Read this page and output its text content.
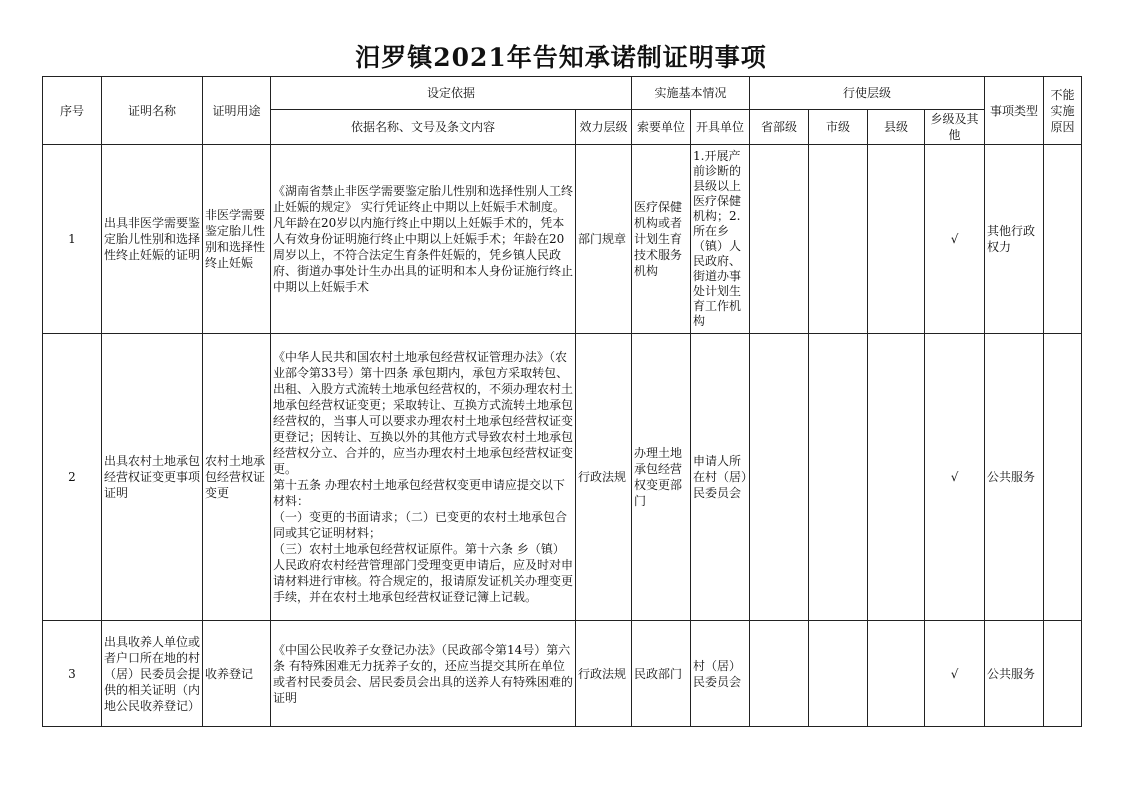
汨罗镇2021年告知承诺制证明事项
序号	证明名称	证明用途	设定依据		实施基本情况		行使层级				事项类型	不能实施原因
			依据名称、文号及条文内容	效力层级	索要单位	开具单位	省部级	市级	县级	乡级及其他		
1	出具非医学需要鉴定胎儿性别和选择性终止妊娠的证明	非医学需要鉴定胎儿性别和选择性终止妊娠	《湖南省禁止非医学需要鉴定胎儿性别和选择性别人工终止妊娠的规定》 实行凭证终止中期以上妊娠手术制度。凡年龄在20岁以内施行终止中期以上妊娠手术的，凭本人有效身份证明施行终止中期以上妊娠手术；年龄在20周岁以上，不符合法定生育条件妊娠的，凭乡镇人民政府、街道办事处计生办出具的证明和本人身份证施行终止中期以上妊娠手术	部门规章	医疗保健机构或者计划生育技术服务机构	1.开展产前诊断的县级以上医疗保健机构；2.所在乡（镇）人民政府、街道办事处计划生育工作机构				√	其他行政权力	
2	出具农村土地承包经营权证变更事项证明	农村土地承包经营权证变更	《中华人民共和国农村土地承包经营权证管理办法》（农业部令第33号）第十四条 承包期内，承包方采取转包、出租、入股方式流转土地承包经营权的，不须办理农村土地承包经营权证变更；采取转让、互换方式流转土地承包经营权的，当事人可以要求办理农村土地承包经营权证变更登记；因转让、互换以外的其他方式导致农村土地承包经营权分立、合并的，应当办理农村土地承包经营权证变更。
第十五条 办理农村土地承包经营权变更申请应提交以下材料：
（一）变更的书面请求；（二）已变更的农村土地承包合同或其它证明材料；
（三）农村土地承包经营权证原件。第十六条 乡（镇）人民政府农村经营管理部门受理变更申请后，应及时对申请材料进行审核。符合规定的，报请原发证机关办理变更手续，并在农村土地承包经营权证登记簿上记载。	行政法规	办理土地承包经营权变更部门	申请人所在村（居）民委员会				√	公共服务	
3	出具收养人单位或者户口所在地的村（居）民委员会提供的相关证明（内地公民收养登记）	收养登记	《中国公民收养子女登记办法》（民政部令第14号）第六条 有特殊困难无力抚养子女的，还应当提交其所在单位或者村民委员会、居民委员会出具的送养人有特殊困难的证明	行政法规	民政部门	村（居）民委员会				√	公共服务	
